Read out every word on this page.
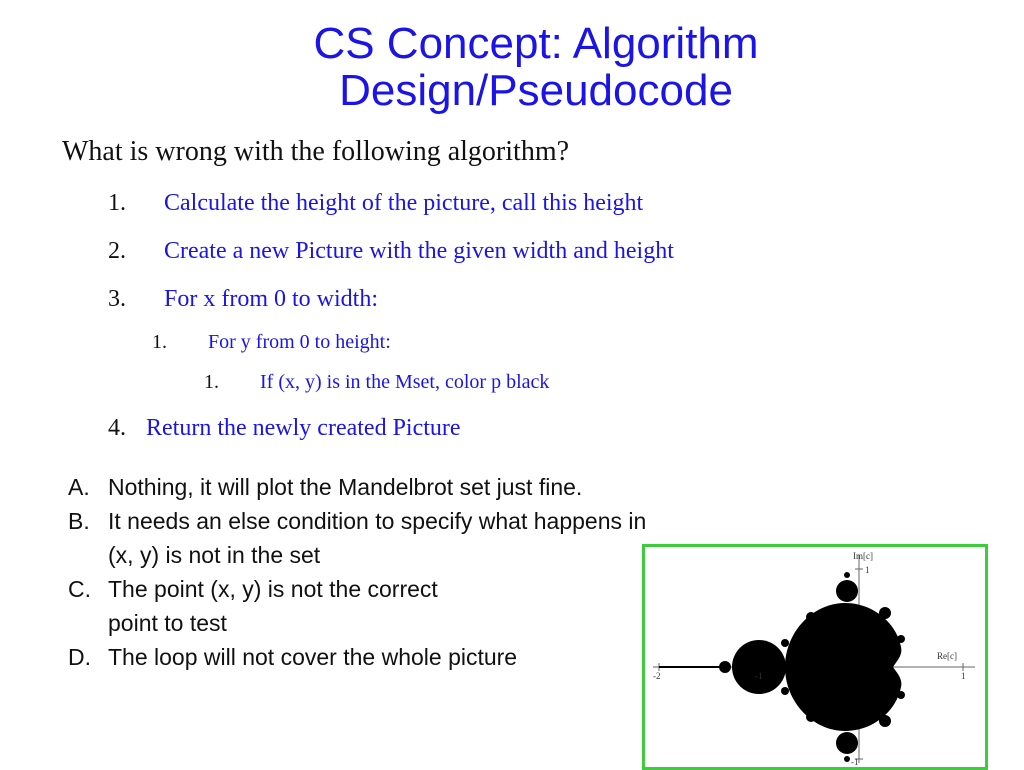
CS Concept: Algorithm
Design/Pseudocode
What is wrong with the following algorithm?
1. Calculate the height of the picture, call this height
2. Create a new Picture with the given width and height
3. For x from 0 to width:
1. For y from 0 to height:
1. If (x, y) is in the Mset, color p black
4. Return the newly created Picture
A. Nothing, it will plot the Mandelbrot set just fine.
B. It needs an else condition to specify what happens in
(x, y) is not in the set
C. The point (x, y) is not the correct
point to test
D. The loop will not cover the whole picture
Im[c]
1
-1
Re[c]
-2	-1	1
